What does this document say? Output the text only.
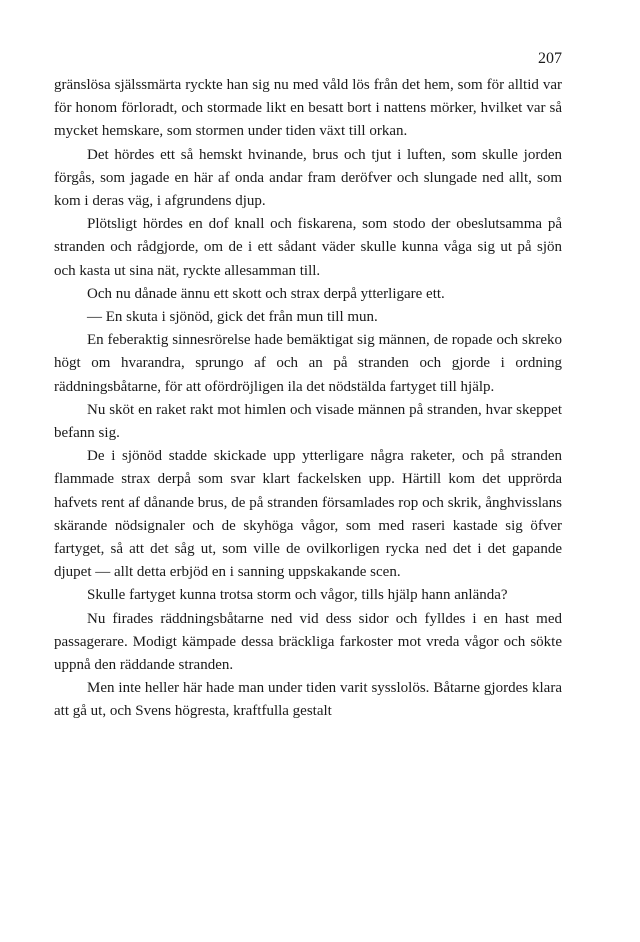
207

gränslösa själssmärta ryckte han sig nu med våld lös från det hem, som för alltid var för honom förloradt, och stormade likt en besatt bort i nattens mörker, hvilket var så mycket hemskare, som stormen under tiden växt till orkan.

Det hördes ett så hemskt hvinande, brus och tjut i luften, som skulle jorden förgås, som jagade en här af onda andar fram deröfver och slungade ned allt, som kom i deras väg, i afgrundens djup.

Plötsligt hördes en dof knall och fiskarena, som stodo der obeslutsamma på stranden och rådgjorde, om de i ett sådant väder skulle kunna våga sig ut på sjön och kasta ut sina nät, ryckte allesamman till.

Och nu dånade ännu ett skott och strax derpå ytterligare ett.

— En skuta i sjönöd, gick det från mun till mun.

En feberaktig sinnesrörelse hade bemäktigat sig männen, de ropade och skreko högt om hvarandra, sprungo af och an på stranden och gjorde i ordning räddningsbåtarne, för att ofördröjligen ila det nödstälda fartyget till hjälp.

Nu sköt en raket rakt mot himlen och visade männen på stranden, hvar skeppet befann sig.

De i sjönöd stadde skickade upp ytterligare några raketer, och på stranden flammade strax derpå som svar klart fackelsken upp. Härtill kom det upprörda hafvets rent af dånande brus, de på stranden församlades rop och skrik, ånghvisslans skärande nödsignaler och de skyhöga vågor, som med raseri kastade sig öfver fartyget, så att det såg ut, som ville de ovilkorligen rycka ned det i det gapande djupet — allt detta erbjöd en i sanning uppskakande scen.

Skulle fartyget kunna trotsa storm och vågor, tills hjälp hann anlända?

Nu firades räddningsbåtarne ned vid dess sidor och fylldes i en hast med passagerare. Modigt kämpade dessa bräckliga farkoster mot vreda vågor och sökte uppnå den räddande stranden.

Men inte heller här hade man under tiden varit sysslolös. Båtarne gjordes klara att gå ut, och Svens högresta, kraftfulla gestalt
